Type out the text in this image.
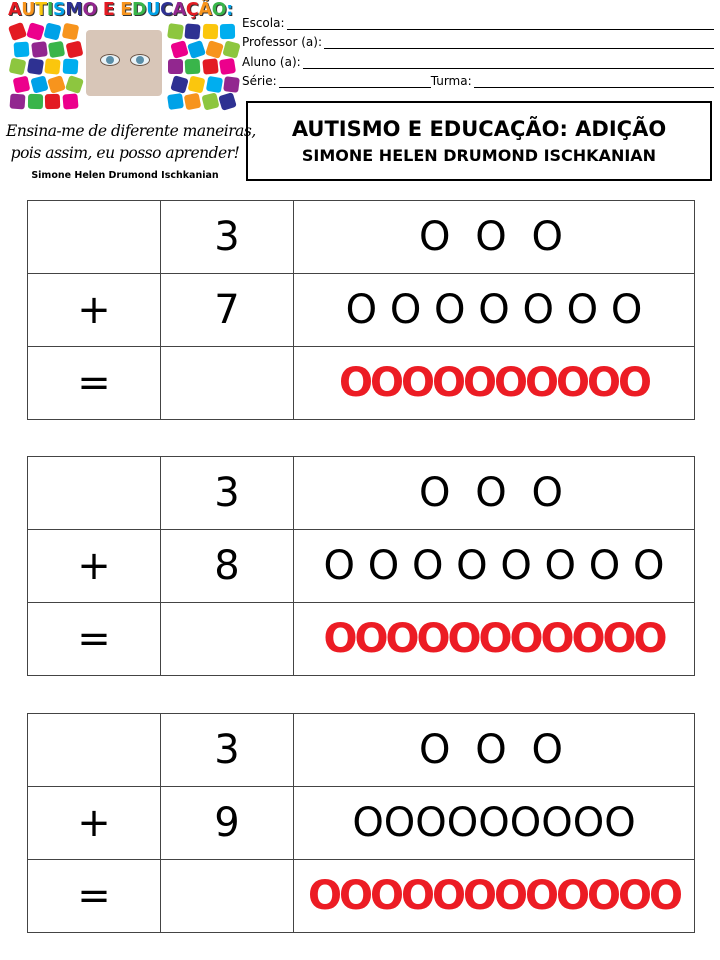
AUTISMO E EDUCAÇÃO:
Ensina-me de diferente maneiras,
pois assim, eu posso aprender!
Simone Helen Drumond Ischkanian
Escola:
Professor (a):
Aluno (a):
Série:	Turma:
AUTISMO E EDUCAÇÃO: ADIÇÃO
SIMONE HELEN DRUMOND ISCHKANIAN
	3	O O O
+	7	O O O O O O O
=		OOOOOOOOOO
	3	O O O
+	8	O O O O O O O O
=		OOOOOOOOOOO
	3	O O O
+	9	OOOOOOOOO
=		OOOOOOOOOOOO
